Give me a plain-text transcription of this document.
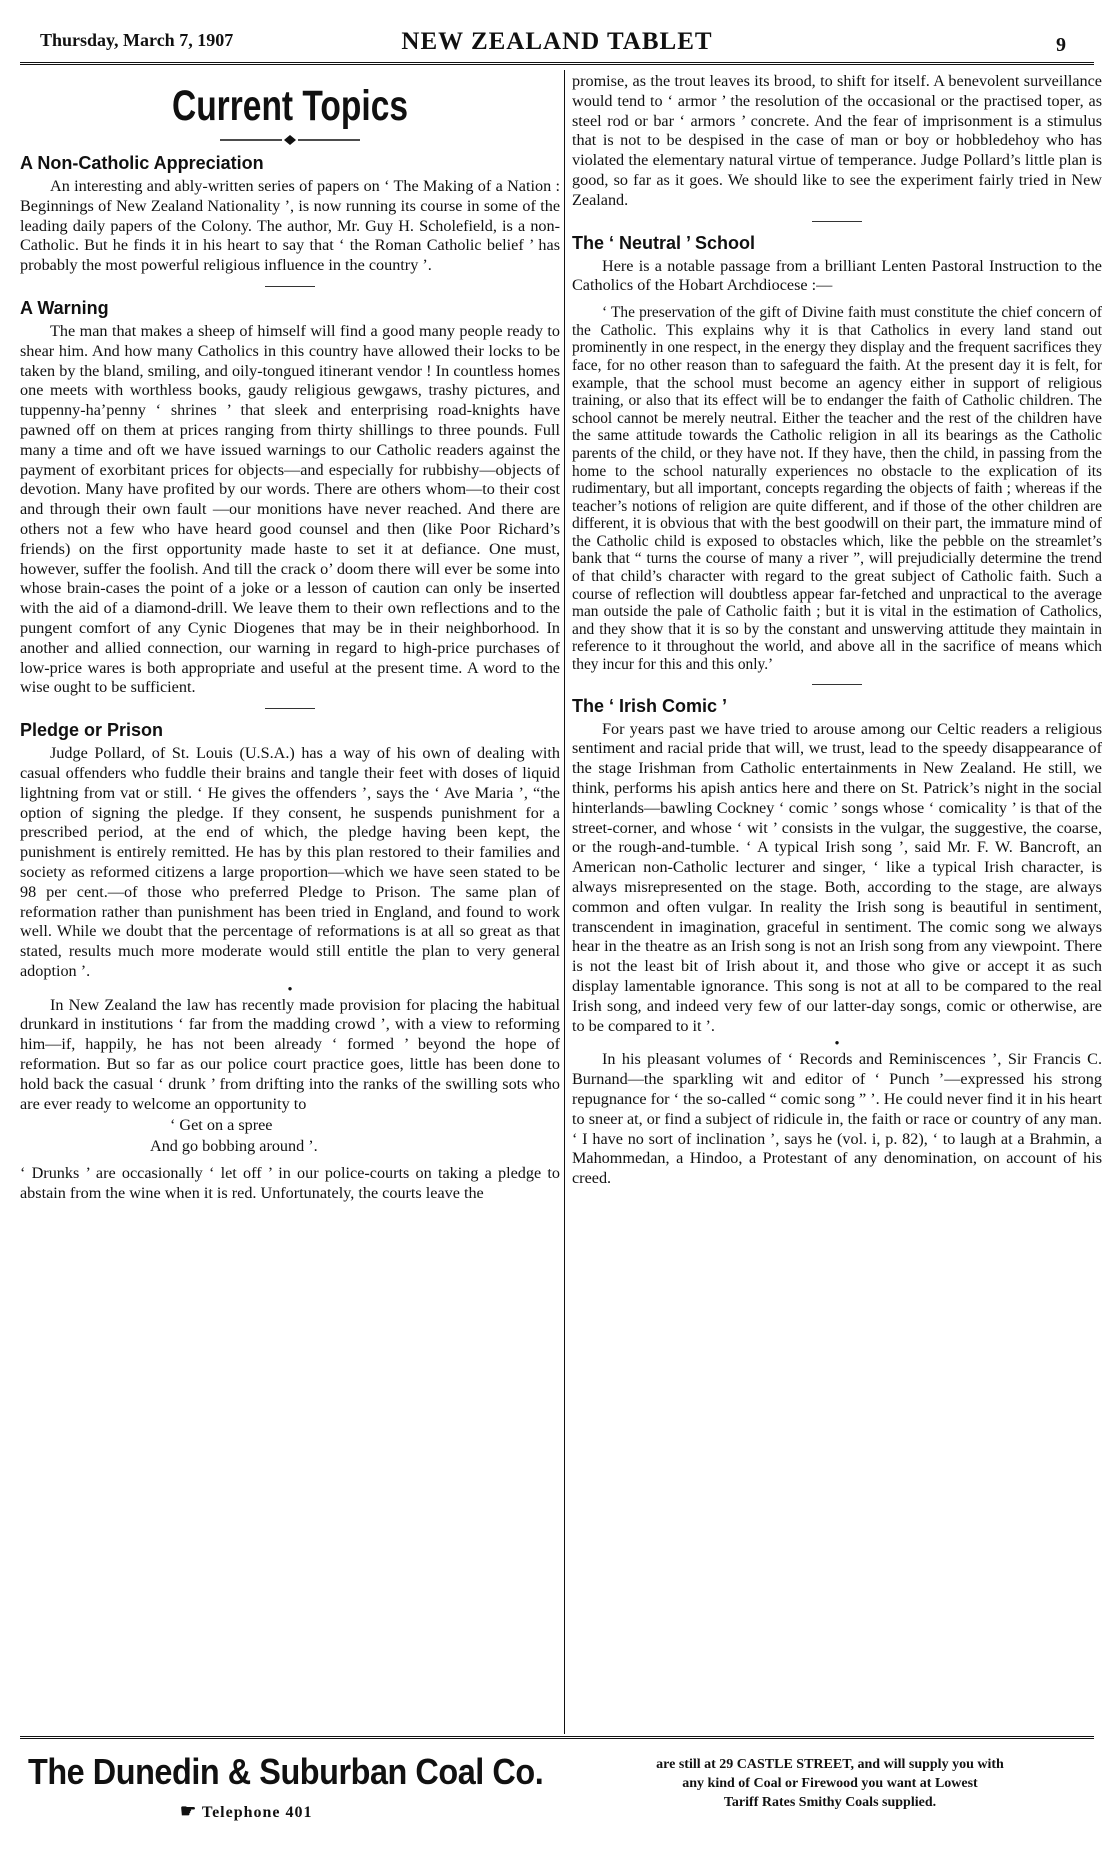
Thursday, March 7, 1907	NEW ZEALAND TABLET	9
Current Topics
A Non-Catholic Appreciation

An interesting and ably-written series of papers on ‘ The Making of a Nation : Beginnings of New Zealand Nationality ’, is now running its course in some of the leading daily papers of the Colony. The author, Mr. Guy H. Scholefield, is a non-Catholic. But he finds it in his heart to say that ‘ the Roman Catholic belief ’ has probably the most powerful religious influence in the country ’.

A Warning

The man that makes a sheep of himself will find a good many people ready to shear him. And how many Catholics in this country have allowed their locks to be taken by the bland, smiling, and oily-tongued itinerant vendor ! In countless homes one meets with worthless books, gaudy religious gewgaws, trashy pictures, and tuppenny-ha’penny ‘ shrines ’ that sleek and enterprising road-knights have pawned off on them at prices ranging from thirty shillings to three pounds. Full many a time and oft we have issued warnings to our Catholic readers against the payment of exorbitant prices for objects—and especially for rubbishy—objects of devotion. Many have profited by our words. There are others whom—to their cost and through their own fault —our monitions have never reached. And there are others not a few who have heard good counsel and then (like Poor Richard’s friends) on the first opportunity made haste to set it at defiance. One must, however, suffer the foolish. And till the crack o’ doom there will ever be some into whose brain-cases the point of a joke or a lesson of caution can only be inserted with the aid of a diamond-drill. We leave them to their own reflections and to the pungent comfort of any Cynic Diogenes that may be in their neighborhood. In another and allied connection, our warning in regard to high-price purchases of low-price wares is both appropriate and useful at the present time. A word to the wise ought to be sufficient.

Pledge or Prison

Judge Pollard, of St. Louis (U.S.A.) has a way of his own of dealing with casual offenders who fuddle their brains and tangle their feet with doses of liquid lightning from vat or still. ‘ He gives the offenders ’, says the ‘ Ave Maria ’, “the option of signing the pledge. If they consent, he suspends punishment for a prescribed period, at the end of which, the pledge having been kept, the punishment is entirely remitted. He has by this plan restored to their families and society as reformed citizens a large proportion—which we have seen stated to be 98 per cent.—of those who preferred Pledge to Prison. The same plan of reformation rather than punishment has been tried in England, and found to work well. While we doubt that the percentage of reformations is at all so great as that stated, results much more moderate would still entitle the plan to very general adoption ’.

●

In New Zealand the law has recently made provision for placing the habitual drunkard in institutions ‘ far from the madding crowd ’, with a view to reforming him—if, happily, he has not been already ‘ formed ’ beyond the hope of reformation. But so far as our police court practice goes, little has been done to hold back the casual ‘ drunk ’ from drifting into the ranks of the swilling sots who are ever ready to welcome an opportunity to

‘ Get on a spree

And go bobbing around ’.

‘ Drunks ’ are occasionally ‘ let off ’ in our police-courts on taking a pledge to abstain from the wine when it is red. Unfortunately, the courts leave the

promise, as the trout leaves its brood, to shift for itself. A benevolent surveillance would tend to ‘ armor ’ the resolution of the occasional or the practised toper, as steel rod or bar ‘ armors ’ concrete. And the fear of imprisonment is a stimulus that is not to be despised in the case of man or boy or hobbledehoy who has violated the elementary natural virtue of temperance. Judge Pollard’s little plan is good, so far as it goes. We should like to see the experiment fairly tried in New Zealand.

The ‘ Neutral ’ School

Here is a notable passage from a brilliant Lenten Pastoral Instruction to the Catholics of the Hobart Archdiocese :—

‘ The preservation of the gift of Divine faith must constitute the chief concern of the Catholic. This explains why it is that Catholics in every land stand out prominently in one respect, in the energy they display and the frequent sacrifices they face, for no other reason than to safeguard the faith. At the present day it is felt, for example, that the school must become an agency either in support of religious training, or also that its effect will be to endanger the faith of Catholic children. The school cannot be merely neutral. Either the teacher and the rest of the children have the same attitude towards the Catholic religion in all its bearings as the Catholic parents of the child, or they have not. If they have, then the child, in passing from the home to the school naturally experiences no obstacle to the explication of its rudimentary, but all important, concepts regarding the objects of faith ; whereas if the teacher’s notions of religion are quite different, and if those of the other children are different, it is obvious that with the best goodwill on their part, the immature mind of the Catholic child is exposed to obstacles which, like the pebble on the streamlet’s bank that “ turns the course of many a river ”, will prejudicially determine the trend of that child’s character with regard to the great subject of Catholic faith. Such a course of reflection will doubtless appear far-fetched and unpractical to the average man outside the pale of Catholic faith ; but it is vital in the estimation of Catholics, and they show that it is so by the constant and unswerving attitude they maintain in reference to it throughout the world, and above all in the sacrifice of means which they incur for this and this only.’

The ‘ Irish Comic ’

For years past we have tried to arouse among our Celtic readers a religious sentiment and racial pride that will, we trust, lead to the speedy disappearance of the stage Irishman from Catholic entertainments in New Zealand. He still, we think, performs his apish antics here and there on St. Patrick’s night in the social hinterlands—bawling Cockney ‘ comic ’ songs whose ‘ comicality ’ is that of the street-corner, and whose ‘ wit ’ consists in the vulgar, the suggestive, the coarse, or the rough-and-tumble. ‘ A typical Irish song ’, said Mr. F. W. Bancroft, an American non-Catholic lecturer and singer, ‘ like a typical Irish character, is always misrepresented on the stage. Both, according to the stage, are always common and often vulgar. In reality the Irish song is beautiful in sentiment, transcendent in imagination, graceful in sentiment. The comic song we always hear in the theatre as an Irish song is not an Irish song from any viewpoint. There is not the least bit of Irish about it, and those who give or accept it as such display lamentable ignorance. This song is not at all to be compared to the real Irish song, and indeed very few of our latter-day songs, comic or otherwise, are to be compared to it ’.

●

In his pleasant volumes of ‘ Records and Reminiscences ’, Sir Francis C. Burnand—the sparkling wit and editor of ‘ Punch ’—expressed his strong repugnance for ‘ the so-called “ comic song ” ’. He could never find it in his heart to sneer at, or find a subject of ridicule in, the faith or race or country of any man. ‘ I have no sort of inclination ’, says he (vol. i, p. 82), ‘ to laugh at a Brahmin, a Mahommedan, a Hindoo, a Protestant of any denomination, on account of his creed.

The Dunedin & Suburban Coal Co.
☛ Telephone 401
are still at 29 CASTLE STREET, and will supply you with
any kind of Coal or Firewood you want at Lowest
Tariff Rates Smithy Coals supplied.
